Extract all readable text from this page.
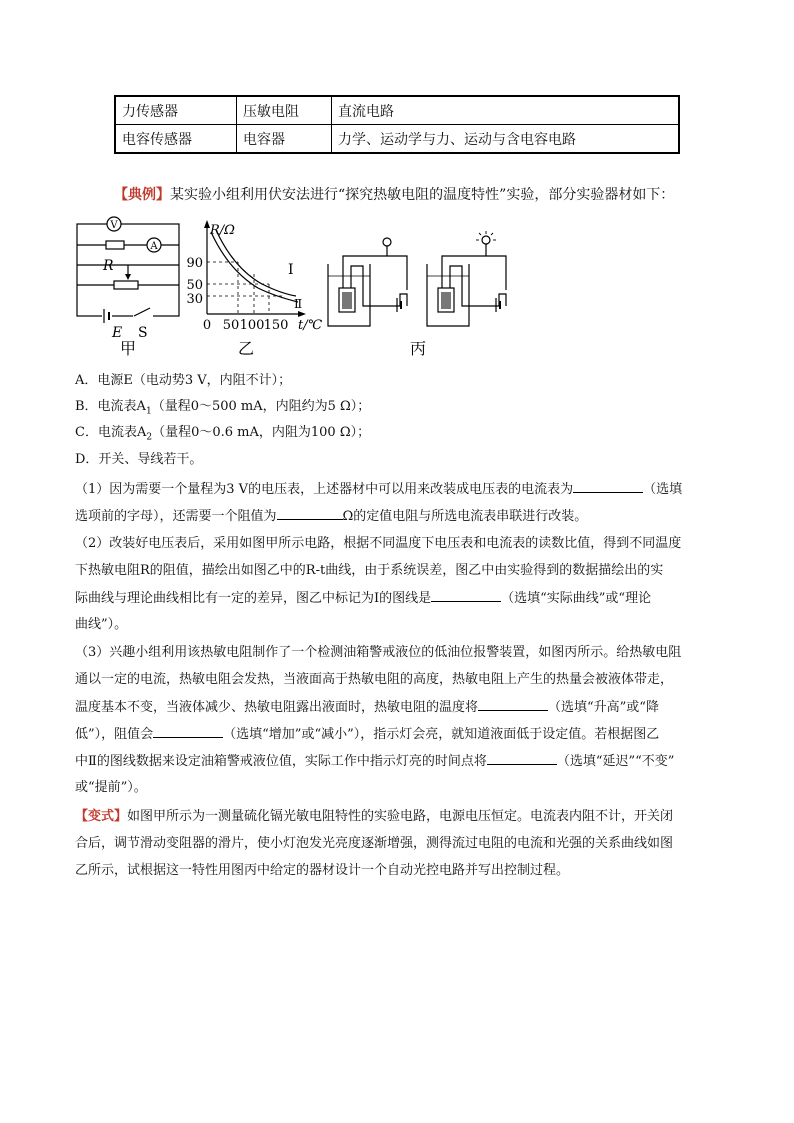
力传感器	压敏电阻	直流电路
电容传感器	电容器	力学、运动学与力、运动与含电容电路
【典例】某实验小组利用伏安法进行“探究热敏电阻的温度特性”实验，部分实验器材如下：
V
R
A
E S
甲
R/Ω
90
50
30
0 50 100 150 t/℃
Ⅰ
Ⅱ
乙	丙
A．电源E（电动势3 V，内阻不计）；
B．电流表$A_1$（量程0～500 mA，内阻约为5 Ω）；
C．电流表$A_2$（量程0～0.6 mA，内阻为100 Ω）；
D．开关、导线若干。
（1）因为需要一个量程为3 V的电压表，上述器材中可以用来改装成电压表的电流表为	（选填
选项前的字母），还需要一个阻值为	Ω的定值电阻与所选电流表串联进行改装。
（2）改装好电压表后，采用如图甲所示电路，根据不同温度下电压表和电流表的读数比值，得到不同温度
下热敏电阻R的阻值，描绘出如图乙中的R-t曲线，由于系统误差，图乙中由实验得到的数据描绘出的实
际曲线与理论曲线相比有一定的差异，图乙中标记为Ⅰ的图线是	（选填“实际曲线”或“理论
曲线”）。
（3）兴趣小组利用该热敏电阻制作了一个检测油箱警戒液位的低油位报警装置，如图丙所示。给热敏电阻
通以一定的电流，热敏电阻会发热，当液面高于热敏电阻的高度，热敏电阻上产生的热量会被液体带走，
温度基本不变，当液体减少、热敏电阻露出液面时，热敏电阻的温度将	（选填“升高”或“降
低”），阻值会	（选填“增加”或“减小”），指示灯会亮，就知道液面低于设定值。若根据图乙
中Ⅱ的图线数据来设定油箱警戒液位值，实际工作中指示灯亮的时间点将	（选填“延迟”“不变”
或“提前”）。
【变式】如图甲所示为一测量硫化镉光敏电阻特性的实验电路，电源电压恒定。电流表内阻不计，开关闭
合后，调节滑动变阻器的滑片，使小灯泡发光亮度逐渐增强，测得流过电阻的电流和光强的关系曲线如图
乙所示，试根据这一特性用图丙中给定的器材设计一个自动光控电路并写出控制过程。
